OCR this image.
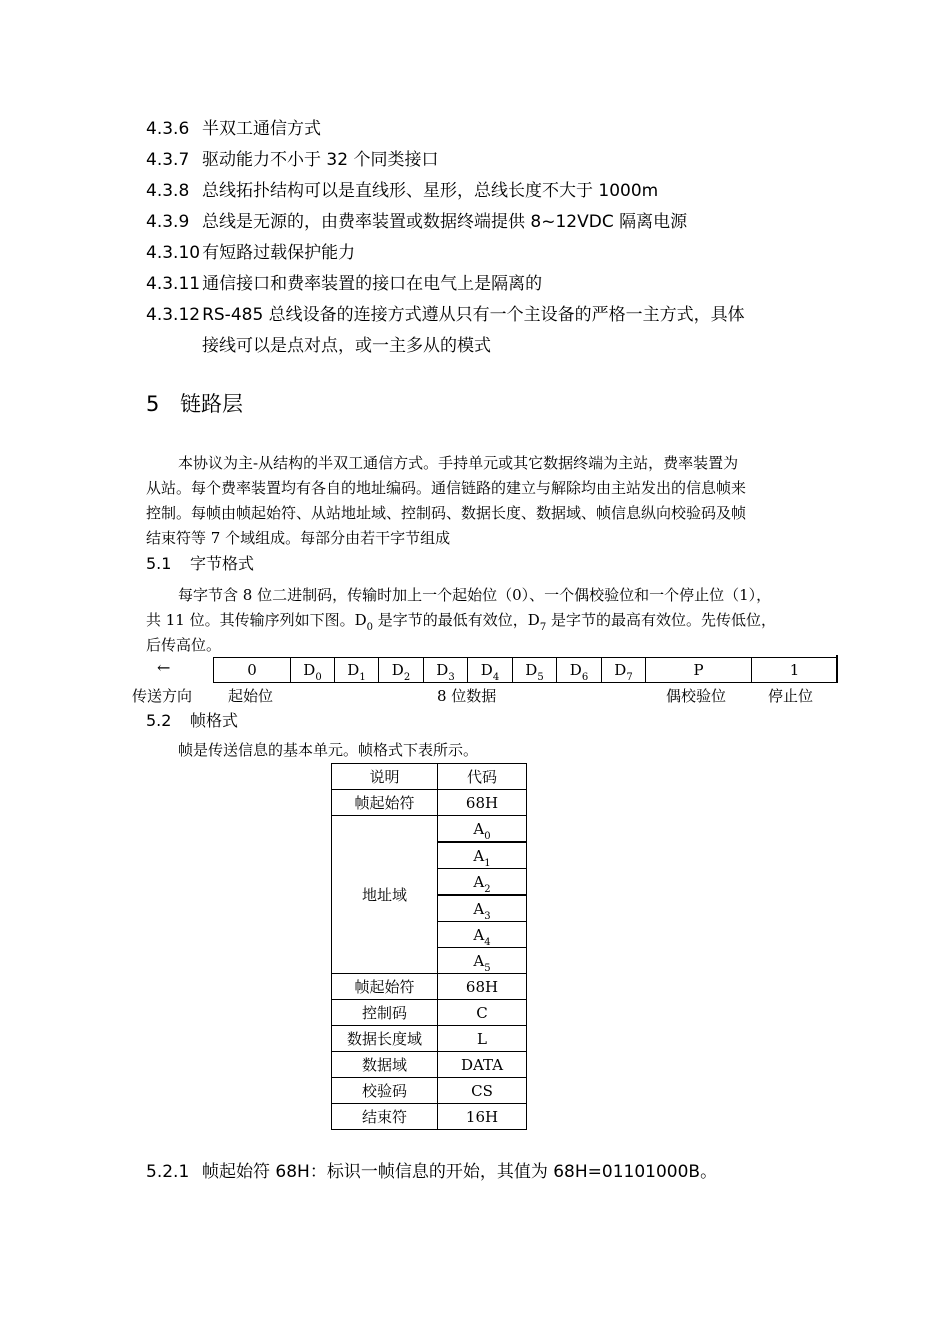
4.3.6 半双工通信方式
4.3.7 驱动能力不小于 32 个同类接口
4.3.8 总线拓扑结构可以是直线形、星形，总线长度不大于 1000m
4.3.9 总线是无源的，由费率装置或数据终端提供 8~12VDC 隔离电源
4.3.10 有短路过载保护能力
4.3.11 通信接口和费率装置的接口在电气上是隔离的
4.3.12 RS-485 总线设备的连接方式遵从只有一个主设备的严格一主方式，具体
接线可以是点对点，或一主多从的模式
5 链路层
本协议为主-从结构的半双工通信方式。手持单元或其它数据终端为主站，费率装置为
从站。每个费率装置均有各自的地址编码。通信链路的建立与解除均由主站发出的信息帧来
控制。每帧由帧起始符、从站地址域、控制码、数据长度、数据域、帧信息纵向校验码及帧
结束符等 7 个域组成。每部分由若干字节组成
5.1 字节格式
每字节含 8 位二进制码，传输时加上一个起始位（0）、一个偶校验位和一个停止位（1），
共 11 位。其传输序列如下图。$D_0$ 是字节的最低有效位，$D_7$ 是字节的最高有效位。先传低位，
后传高位。
←	0	$D_0$	$D_1$	$D_2$	$D_3$	$D_4$	$D_5$	$D_6$	$D_7$	P	1
传送方向 起始位	8 位数据	偶校验位	停止位
5.2 帧格式
帧是传送信息的基本单元。帧格式下表所示。
说明	代码
帧起始符	68H
地址域	$A_0$
	$A_1$
	$A_2$
	$A_3$
	$A_4$
	$A_5$
帧起始符	68H
控制码	C
数据长度域	L
数据域	DATA
校验码	CS
结束符	16H
5.2.1 帧起始符 68H：标识一帧信息的开始，其值为 68H=01101000B。
